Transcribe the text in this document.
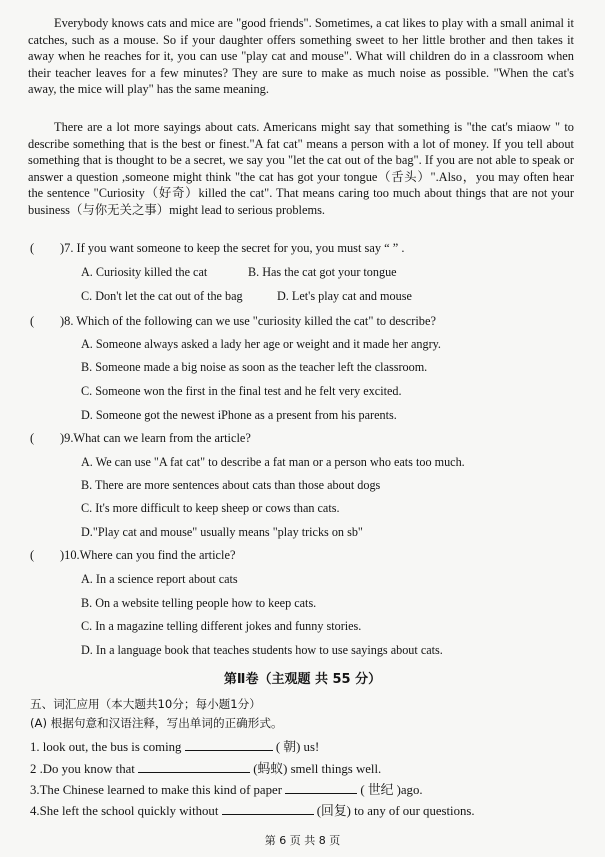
Everybody knows cats and mice are "good friends". Sometimes, a cat likes to play with a small animal it catches, such as a mouse. So if your daughter offers something sweet to her little brother and then takes it away when he reaches for it, you can use "play cat and mouse". What will children do in a classroom when their teacher leaves for a few minutes? They are sure to make as much noise as possible. "When the cat's away, the mice will play" has the same meaning.

There are a lot more sayings about cats. Americans might say that something is "the cat's miaow " to describe something that is the best or finest."A fat cat" means a person with a lot of money. If you tell about something that is thought to be a secret, we say you "let the cat out of the bag". If you are not able to speak or answer a question ,someone might think "the cat has got your tongue（舌头）".Also，you may often hear the sentence "Curiosity（好奇）killed the cat". That means caring too much about things that are not your business（与你无关之事）might lead to serious problems.

( )7. If you want someone to keep the secret for you, you must say “ ” .
A. Curiosity killed the cat	B. Has the cat got your tongue
C. Don't let the cat out of the bag	D. Let's play cat and mouse
( )8. Which of the following can we use "curiosity killed the cat" to describe?
A. Someone always asked a lady her age or weight and it made her angry.
B. Someone made a big noise as soon as the teacher left the classroom.
C. Someone won the first in the final test and he felt very excited.
D. Someone got the newest iPhone as a present from his parents.
( )9.What can we learn from the article?
A. We can use "A fat cat" to describe a fat man or a person who eats too much.
B. There are more sentences about cats than those about dogs
C. It's more difficult to keep sheep or cows than cats.
D."Play cat and mouse" usually means "play tricks on sb"
( )10.Where can you find the article?
A. In a science report about cats
B. On a website telling people how to keep cats.
C. In a magazine telling different jokes and funny stories.
D. In a language book that teaches students how to use sayings about cats.
第Ⅱ卷（主观题 共 55 分）
五、词汇应用（本大题共10分；每小题1分）
(A) 根据句意和汉语注释，写出单词的正确形式。
1. look out, the bus is coming	( 朝) us!
2 .Do you know that	(蚂蚁) smell things well.
3.The Chinese learned to make this kind of paper	( 世纪 )ago.
4.She left the school quickly without	(回复) to any of our questions.
第 6 页 共 8 页
